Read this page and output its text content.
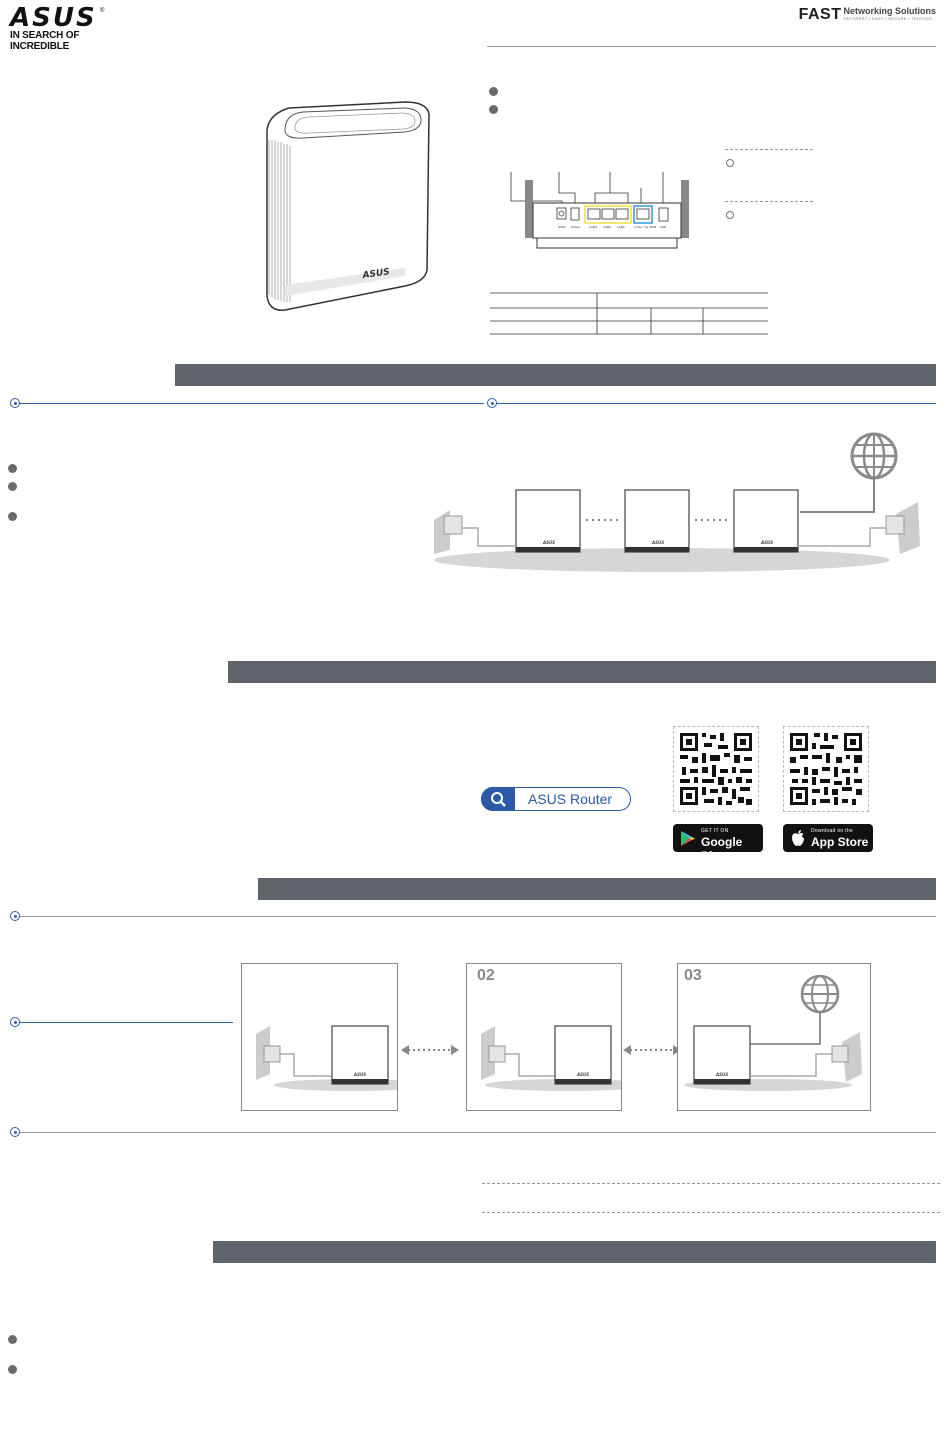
ASUS
IN SEARCH OF INCREDIBLE
®	FAST Networking Solutions
FASTWEST • EASY • SECURE • TRUSTED
ASUS
DCIN Power	LAN3 LAN2 LAN1	2.5G / 1G WAN USB
ASUS	ASUS	ASUS
ASUS Router
GET IT ON
Google Play
Download on the
App Store
ASUS
02
ASUS
03
ASUS
